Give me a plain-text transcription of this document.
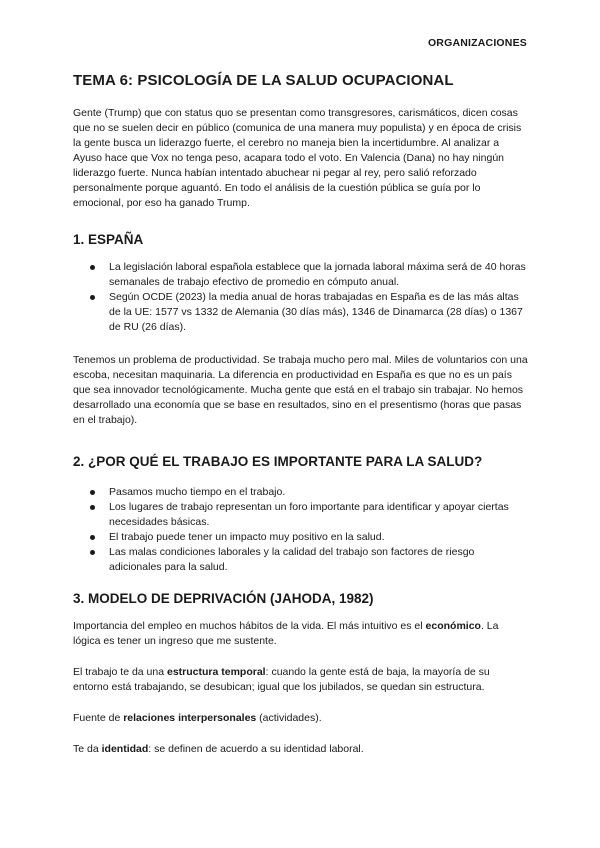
ORGANIZACIONES
TEMA 6: PSICOLOGÍA DE LA SALUD OCUPACIONAL

Gente (Trump) que con status quo se presentan como transgresores, carismáticos, dicen cosas que no se suelen decir en público (comunica de una manera muy populista) y en época de crisis la gente busca un liderazgo fuerte, el cerebro no maneja bien la incertidumbre. Al analizar a Ayuso hace que Vox no tenga peso, acapara todo el voto. En Valencia (Dana) no hay ningún liderazgo fuerte. Nunca habían intentado abuchear ni pegar al rey, pero salió reforzado personalmente porque aguantó. En todo el análisis de la cuestión pública se guía por lo emocional, por eso ha ganado Trump.

1. ESPAÑA
La legislación laboral española establece que la jornada laboral máxima será de 40 horas semanales de trabajo efectivo de promedio en cómputo anual.
Según OCDE (2023) la media anual de horas trabajadas en España es de las más altas de la UE: 1577 vs 1332 de Alemania (30 días más), 1346 de Dinamarca (28 días) o 1367 de RU (26 días).

Tenemos un problema de productividad. Se trabaja mucho pero mal. Miles de voluntarios con una escoba, necesitan maquinaria. La diferencia en productividad en España es que no es un país que sea innovador tecnológicamente. Mucha gente que está en el trabajo sin trabajar. No hemos desarrollado una economía que se base en resultados, sino en el presentismo (horas que pasas en el trabajo).

2. ¿POR QUÉ EL TRABAJO ES IMPORTANTE PARA LA SALUD?
Pasamos mucho tiempo en el trabajo.
Los lugares de trabajo representan un foro importante para identificar y apoyar ciertas necesidades básicas.
El trabajo puede tener un impacto muy positivo en la salud.
Las malas condiciones laborales y la calidad del trabajo son factores de riesgo adicionales para la salud.
3. MODELO DE DEPRIVACIÓN (JAHODA, 1982)

Importancia del empleo en muchos hábitos de la vida. El más intuitivo es el económico. La lógica es tener un ingreso que me sustente.

El trabajo te da una estructura temporal: cuando la gente está de baja, la mayoría de su entorno está trabajando, se desubican; igual que los jubilados, se quedan sin estructura.

Fuente de relaciones interpersonales (actividades).

Te da identidad: se definen de acuerdo a su identidad laboral.
